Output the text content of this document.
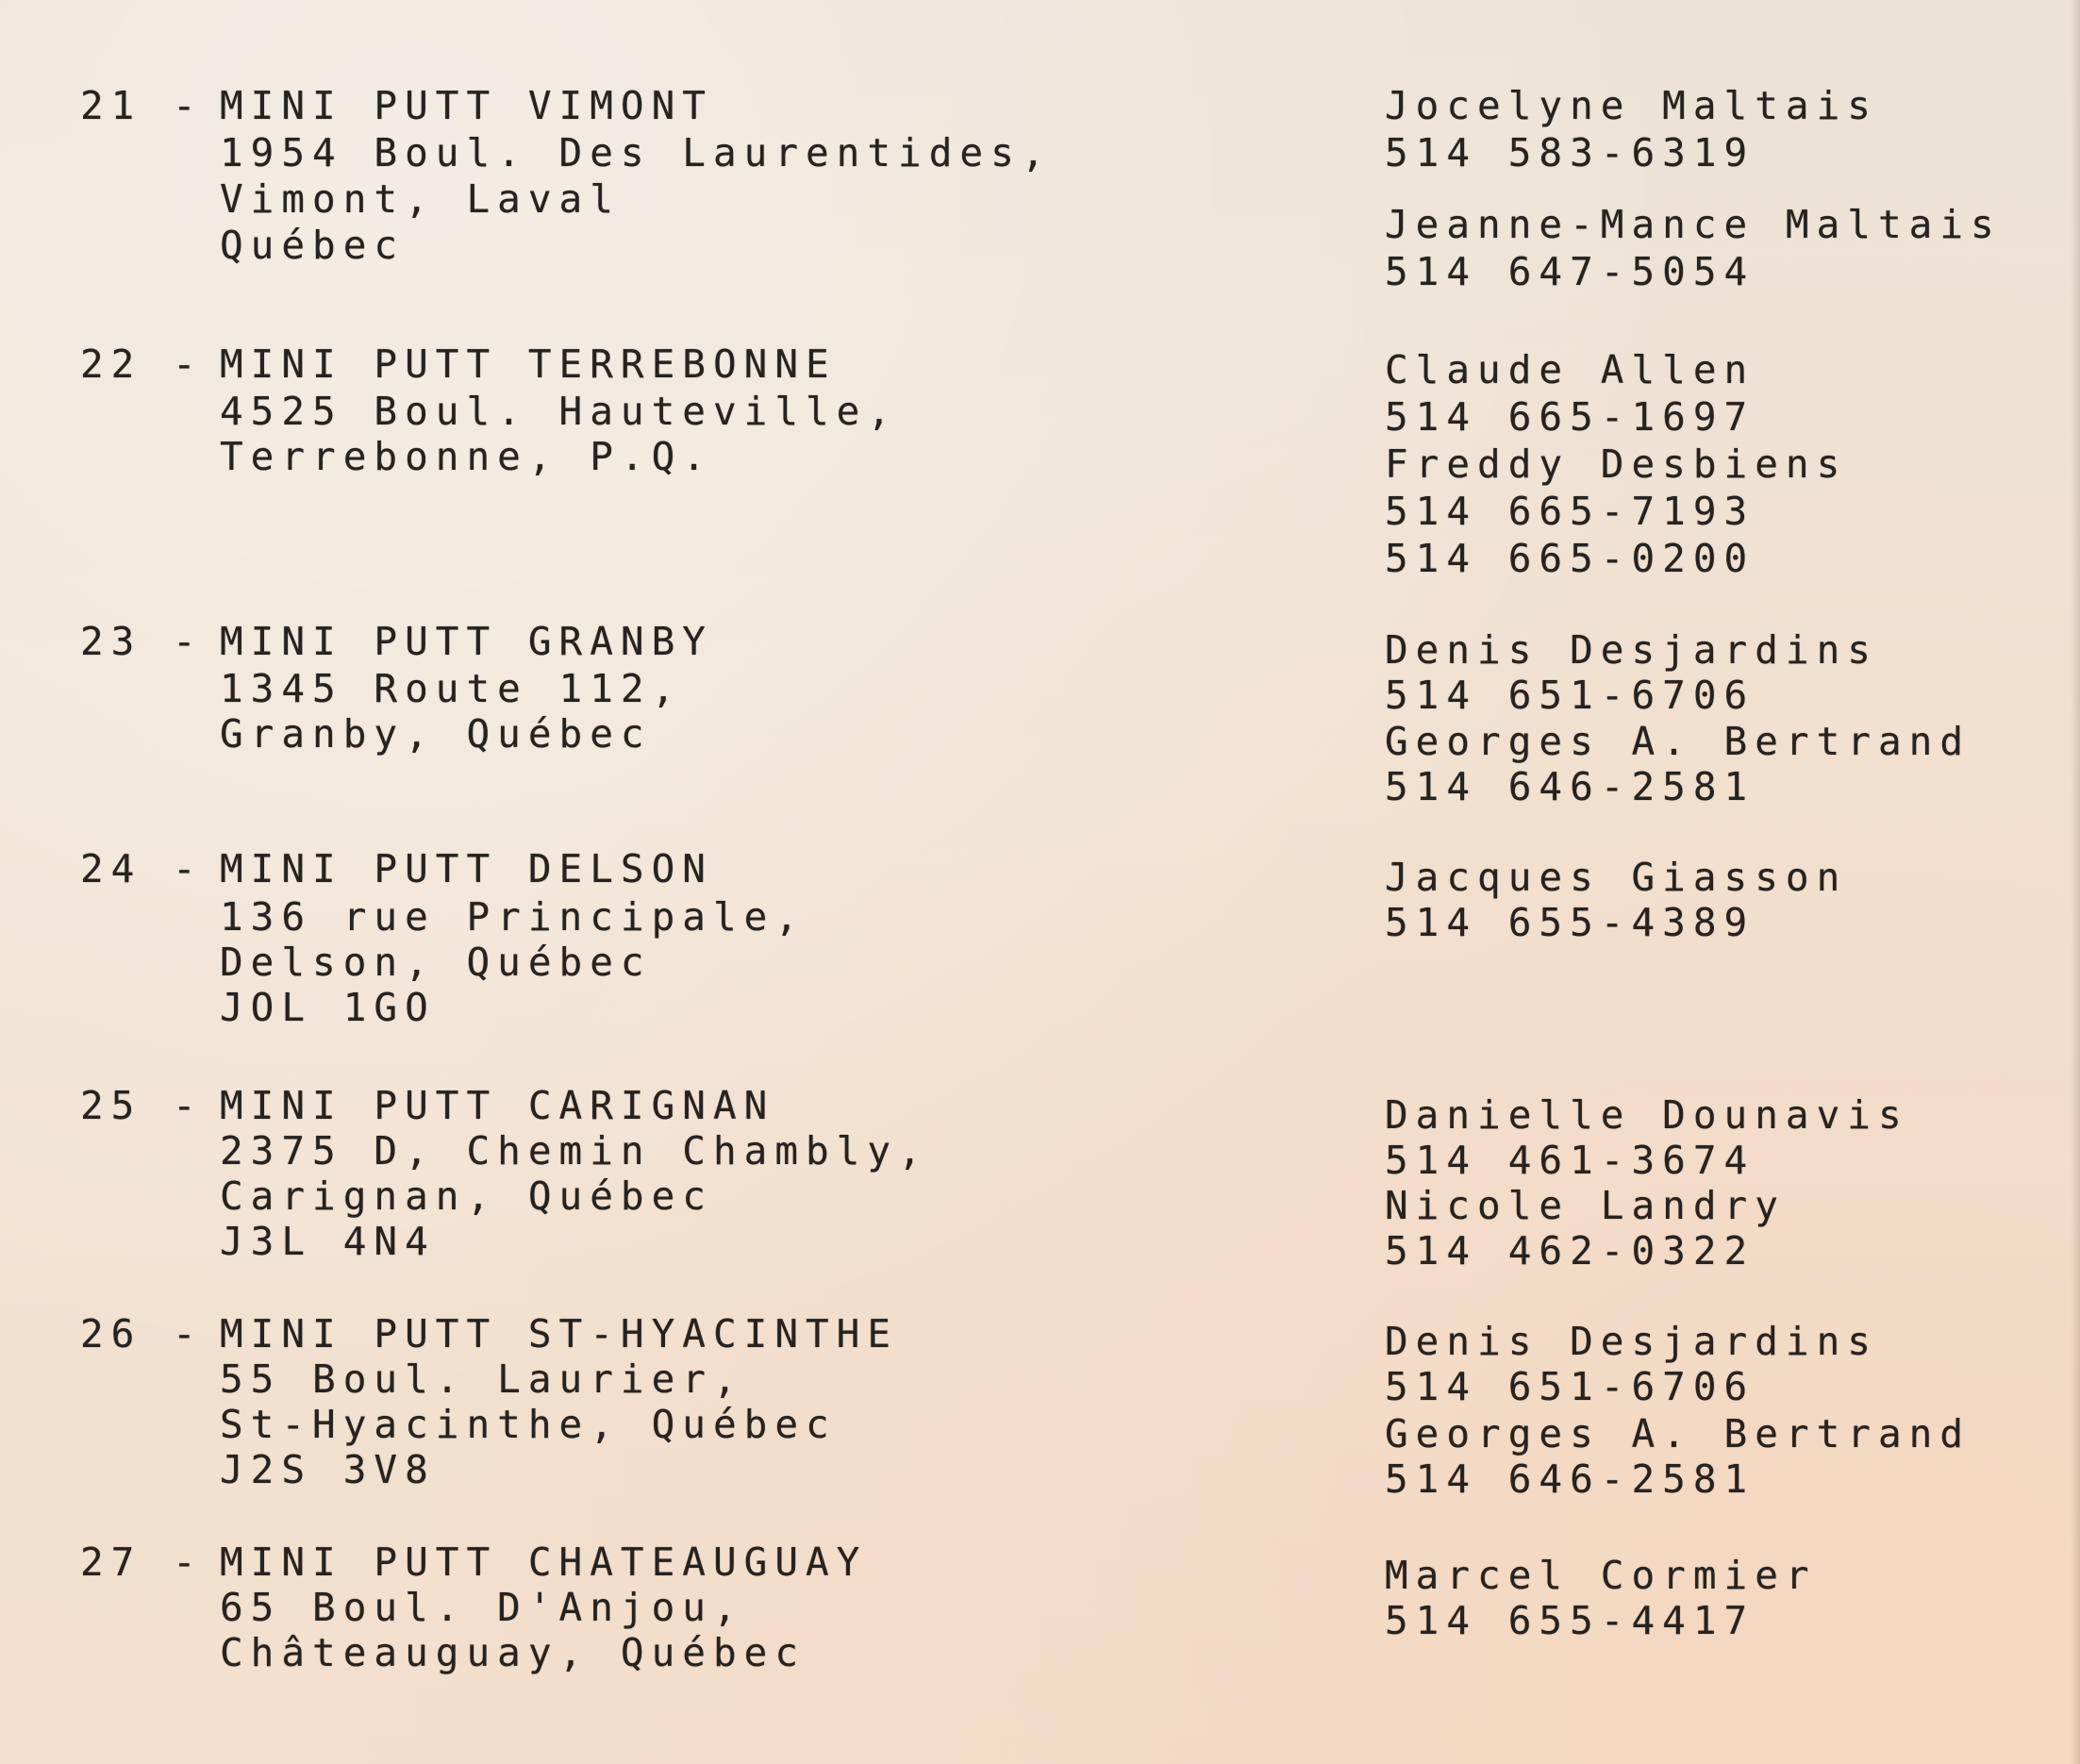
21 - MINI PUTT VIMONT
1954 Boul. Des Laurentides,
Vimont, Laval
Québec
Jocelyne Maltais
514 583-6319
Jeanne-Mance Maltais
514 647-5054
22 - MINI PUTT TERREBONNE
4525 Boul. Hauteville,
Terrebonne, P.Q.
Claude Allen
514 665-1697
Freddy Desbiens
514 665-7193
514 665-0200
23 - MINI PUTT GRANBY
1345 Route 112,
Granby, Québec
Denis Desjardins
514 651-6706
Georges A. Bertrand
514 646-2581
24 - MINI PUTT DELSON
136 rue Principale,
Delson, Québec
JOL 1GO
Jacques Giasson
514 655-4389
25 - MINI PUTT CARIGNAN
2375 D, Chemin Chambly,
Carignan, Québec
J3L 4N4
Danielle Dounavis
514 461-3674
Nicole Landry
514 462-0322
26 - MINI PUTT ST-HYACINTHE
55 Boul. Laurier,
St-Hyacinthe, Québec
J2S 3V8
Denis Desjardins
514 651-6706
Georges A. Bertrand
514 646-2581
27 - MINI PUTT CHATEAUGUAY
65 Boul. D'Anjou,
Châteauguay, Québec
Marcel Cormier
514 655-4417
